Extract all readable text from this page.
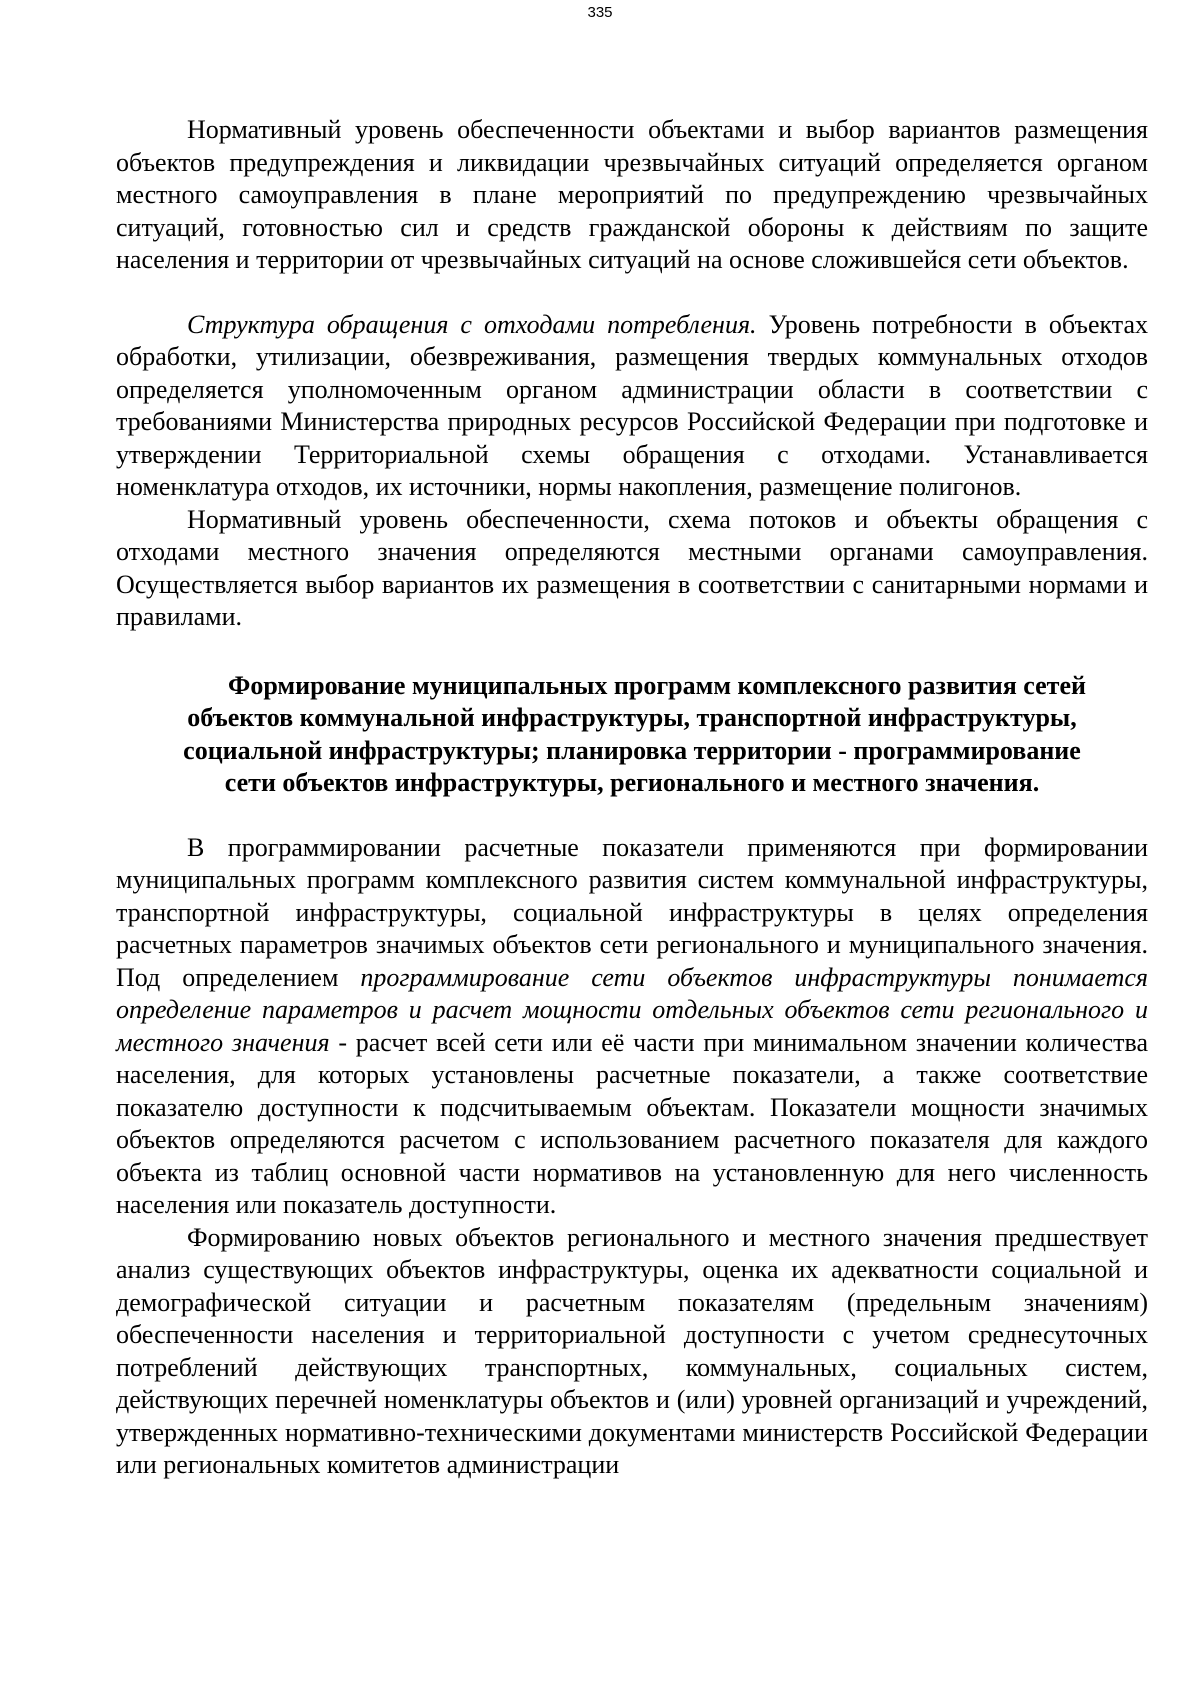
335

Нормативный уровень обеспеченности объектами и выбор вариантов размещения объектов предупреждения и ликвидации чрезвычайных ситуаций определяется органом местного самоуправления в плане мероприятий по предупреждению чрезвычайных ситуаций, готовностью сил и средств гражданской обороны к действиям по защите населения и территории от чрезвычайных ситуаций на основе сложившейся сети объектов.

Структура обращения с отходами потребления. Уровень потребности в объектах обработки, утилизации, обезвреживания, размещения твердых коммунальных отходов определяется уполномоченным органом администрации области в соответствии с требованиями Министерства природных ресурсов Российской Федерации при подготовке и утверждении Территориальной схемы обращения с отходами. Устанавливается номенклатура отходов, их источники, нормы накопления, размещение полигонов.

Нормативный уровень обеспеченности, схема потоков и объекты обращения с отходами местного значения определяются местными органами самоуправления. Осуществляется выбор вариантов их размещения в соответствии с санитарными нормами и правилами.

Формирование муниципальных программ комплексного развития сетей
объектов коммунальной инфраструктуры, транспортной инфраструктуры,
социальной инфраструктуры; планировка территории - программирование
сети объектов инфраструктуры, регионального и местного значения.

В программировании расчетные показатели применяются при формировании муниципальных программ комплексного развития систем коммунальной инфраструктуры, транспортной инфраструктуры, социальной инфраструктуры в целях определения расчетных параметров значимых объектов сети регионального и муниципального значения. Под определением программирование сети объектов инфраструктуры понимается определение параметров и расчет мощности отдельных объектов сети регионального и местного значения - расчет всей сети или её части при минимальном значении количества населения, для которых установлены расчетные показатели, а также соответствие показателю доступности к подсчитываемым объектам. Показатели мощности значимых объектов определяются расчетом с использованием расчетного показателя для каждого объекта из таблиц основной части нормативов на установленную для него численность населения или показатель доступности.

Формированию новых объектов регионального и местного значения предшествует анализ существующих объектов инфраструктуры, оценка их адекватности социальной и демографической ситуации и расчетным показателям (предельным значениям) обеспеченности населения и территориальной доступности с учетом среднесуточных потреблений действующих транспортных, коммунальных, социальных систем, действующих перечней номенклатуры объектов и (или) уровней организаций и учреждений, утвержденных нормативно-техническими документами министерств Российской Федерации или региональных комитетов администрации
